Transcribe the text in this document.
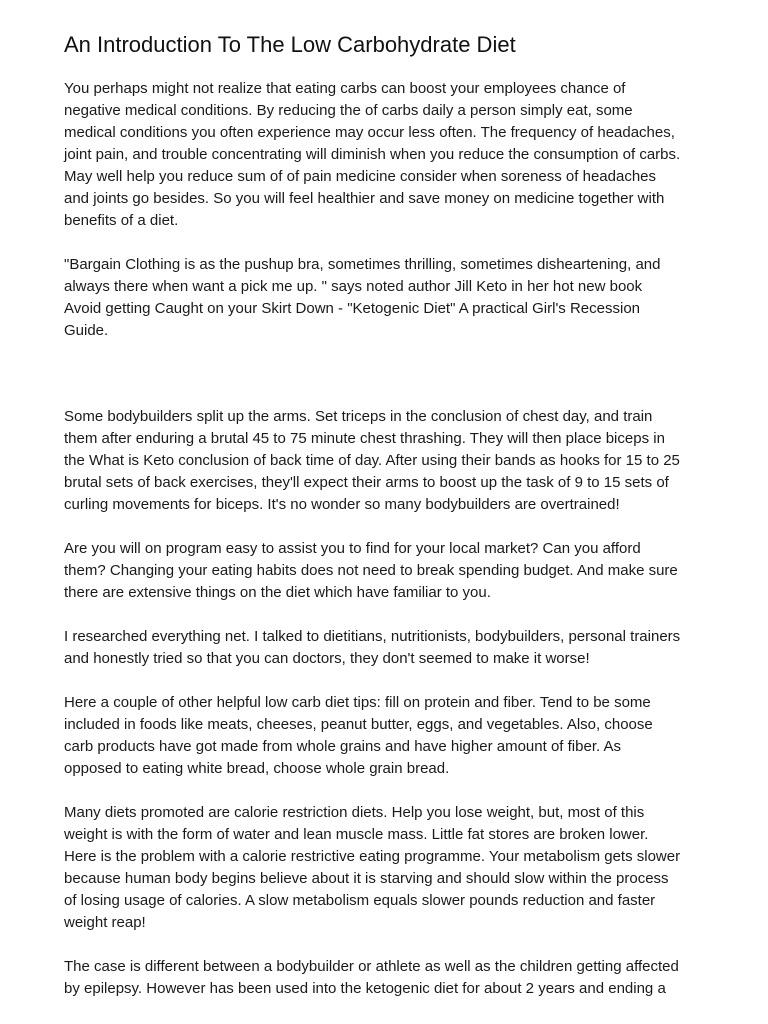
An Introduction To The Low Carbohydrate Diet
You perhaps might not realize that eating carbs can boost your employees chance of
negative medical conditions. By reducing the of carbs daily a person simply eat, some
medical conditions you often experience may occur less often. The frequency of headaches,
joint pain, and trouble concentrating will diminish when you reduce the consumption of carbs.
May well help you reduce sum of of pain medicine consider when soreness of headaches
and joints go besides. So you will feel healthier and save money on medicine together with
benefits of a diet.
"Bargain Clothing is as the pushup bra, sometimes thrilling, sometimes disheartening, and
always there when want a pick me up. " says noted author Jill Keto in her hot new book
Avoid getting Caught on your Skirt Down - "Ketogenic Diet" A practical Girl's Recession
Guide.
Some bodybuilders split up the arms. Set triceps in the conclusion of chest day, and train
them after enduring a brutal 45 to 75 minute chest thrashing. They will then place biceps in
the What is Keto conclusion of back time of day. After using their bands as hooks for 15 to 25
brutal sets of back exercises, they'll expect their arms to boost up the task of 9 to 15 sets of
curling movements for biceps. It's no wonder so many bodybuilders are overtrained!
Are you will on program easy to assist you to find for your local market? Can you afford
them? Changing your eating habits does not need to break spending budget. And make sure
there are extensive things on the diet which have familiar to you.
I researched everything net. I talked to dietitians, nutritionists, bodybuilders, personal trainers
and honestly tried so that you can doctors, they don't seemed to make it worse!
Here a couple of other helpful low carb diet tips: fill on protein and fiber. Tend to be some
included in foods like meats, cheeses, peanut butter, eggs, and vegetables. Also, choose
carb products have got made from whole grains and have higher amount of fiber. As
opposed to eating white bread, choose whole grain bread.
Many diets promoted are calorie restriction diets. Help you lose weight, but, most of this
weight is with the form of water and lean muscle mass. Little fat stores are broken lower.
Here is the problem with a calorie restrictive eating programme. Your metabolism gets slower
because human body begins believe about it is starving and should slow within the process
of losing usage of calories. A slow metabolism equals slower pounds reduction and faster
weight reap!
The case is different between a bodybuilder or athlete as well as the children getting affected
by epilepsy. However has been used into the ketogenic diet for about 2 years and ending a
